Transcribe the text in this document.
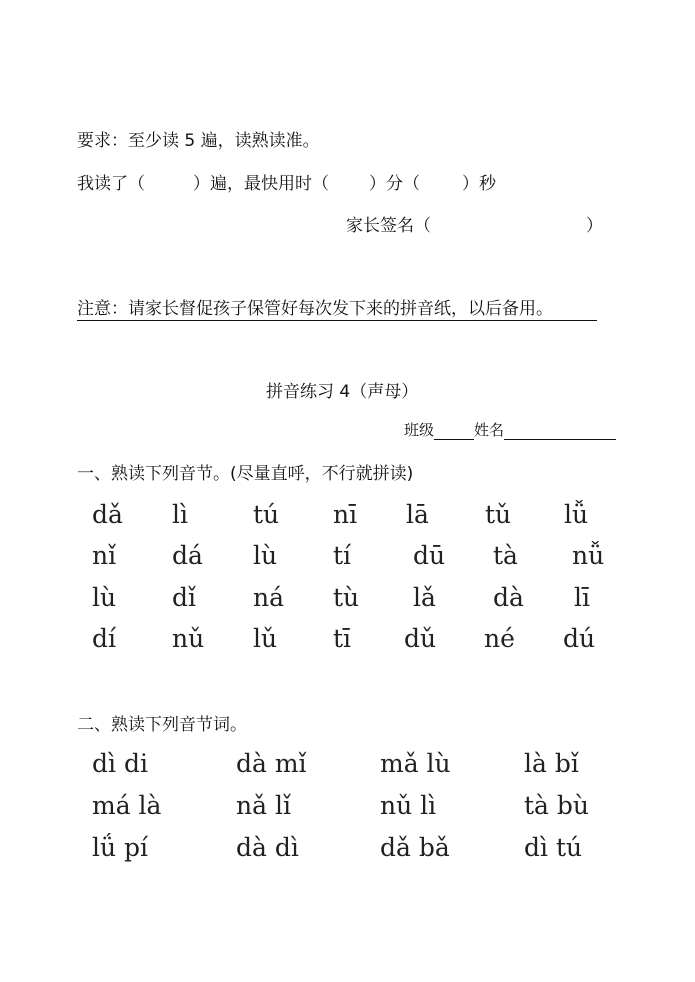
要求：至少读 5 遍，读熟读准。
我读了（	）遍，最快用时（ ）分（ ）秒
家长签名（	）
注意：请家长督促孩子保管好每次发下来的拼音纸，以后备用。
拼音练习 4（声母）
班级	姓名
一、熟读下列音节。(尽量直呼，不行就拼读)
dǎ lì	tú nī lā tǔ lǚ
nǐ dá lù tí dū tà nǚ
lù dǐ ná tù lǎ dà lī
dí nǔ lǔ tī dǔ né dú
二、熟读下列音节词。
dì di	dà mǐ	mǎ lù	là bǐ
má là	nǎ lǐ	nǔ lì	tà bù
lǘ pí	dà dì	dǎ bǎ	dì tú
